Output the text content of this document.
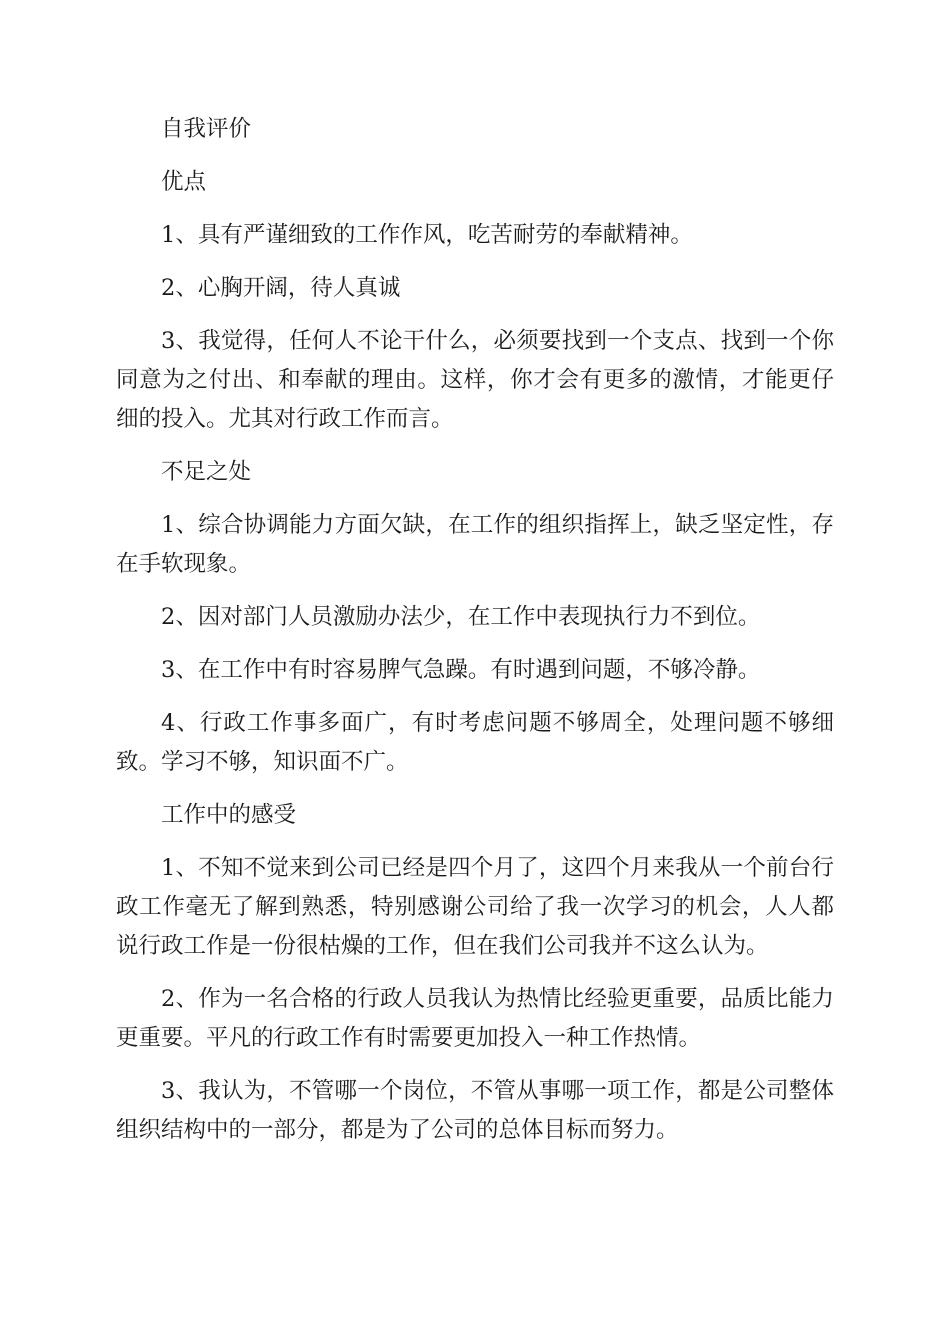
自我评价

优点

1、具有严谨细致的工作作风，吃苦耐劳的奉献精神。

2、心胸开阔，待人真诚

3、我觉得，任何人不论干什么，必须要找到一个支点、找到一个你同意为之付出、和奉献的理由。这样，你才会有更多的激情，才能更仔细的投入。尤其对行政工作而言。

不足之处

1、综合协调能力方面欠缺，在工作的组织指挥上，缺乏坚定性，存在手软现象。

2、因对部门人员激励办法少，在工作中表现执行力不到位。

3、在工作中有时容易脾气急躁。有时遇到问题，不够冷静。

4、行政工作事多面广，有时考虑问题不够周全，处理问题不够细致。学习不够，知识面不广。

工作中的感受

1、不知不觉来到公司已经是四个月了，这四个月来我从一个前台行政工作毫无了解到熟悉，特别感谢公司给了我一次学习的机会，人人都说行政工作是一份很枯燥的工作，但在我们公司我并不这么认为。

2、作为一名合格的行政人员我认为热情比经验更重要，品质比能力更重要。平凡的行政工作有时需要更加投入一种工作热情。

3、我认为，不管哪一个岗位，不管从事哪一项工作，都是公司整体组织结构中的一部分，都是为了公司的总体目标而努力。
